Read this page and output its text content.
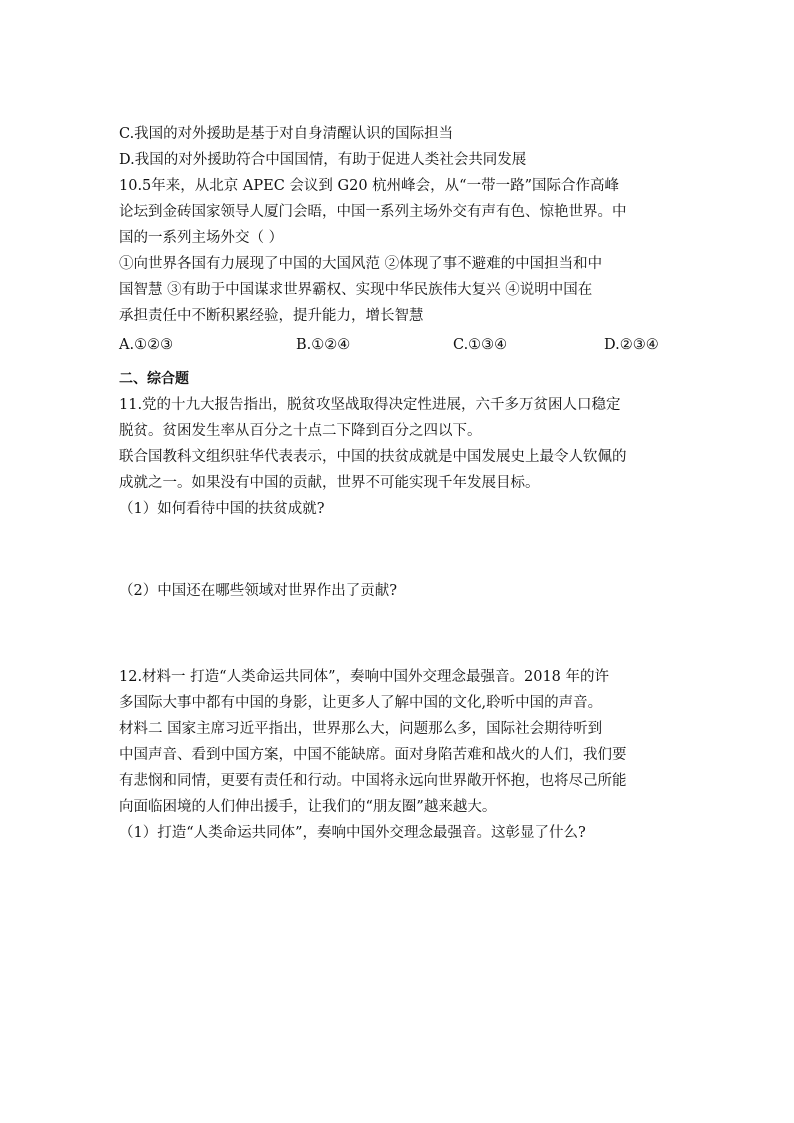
C.我国的对外援助是基于对自身清醒认识的国际担当
D.我国的对外援助符合中国国情，有助于促进人类社会共同发展
10.5年来，从北京 APEC 会议到 G20 杭州峰会，从“一带一路”国际合作高峰
论坛到金砖国家领导人厦门会晤，中国一系列主场外交有声有色、惊艳世界。中
国的一系列主场外交（ ）
①向世界各国有力展现了中国的大国风范 ②体现了事不避难的中国担当和中
国智慧 ③有助于中国谋求世界霸权、实现中华民族伟大复兴 ④说明中国在
承担责任中不断积累经验，提升能力，增长智慧
A.①②③	B.①②④	C.①③④	D.②③④
二、综合题
11.党的十九大报告指出，脱贫攻坚战取得决定性进展，六千多万贫困人口稳定
脱贫。贫困发生率从百分之十点二下降到百分之四以下。
联合国教科文组织驻华代表表示，中国的扶贫成就是中国发展史上最令人钦佩的
成就之一。如果没有中国的贡献，世界不可能实现千年发展目标。
（1）如何看待中国的扶贫成就?
（2）中国还在哪些领域对世界作出了贡献?
12.材料一 打造“人类命运共同体”，奏响中国外交理念最强音。2018 年的许
多国际大事中都有中国的身影，让更多人了解中国的文化,聆听中国的声音。
材料二 国家主席习近平指出，世界那么大，问题那么多，国际社会期待听到
中国声音、看到中国方案，中国不能缺席。面对身陷苦难和战火的人们，我们要
有悲悯和同情，更要有责任和行动。中国将永远向世界敞开怀抱，也将尽己所能
向面临困境的人们伸出援手，让我们的“朋友圈”越来越大。
（1）打造“人类命运共同体”，奏响中国外交理念最强音。这彰显了什么?
